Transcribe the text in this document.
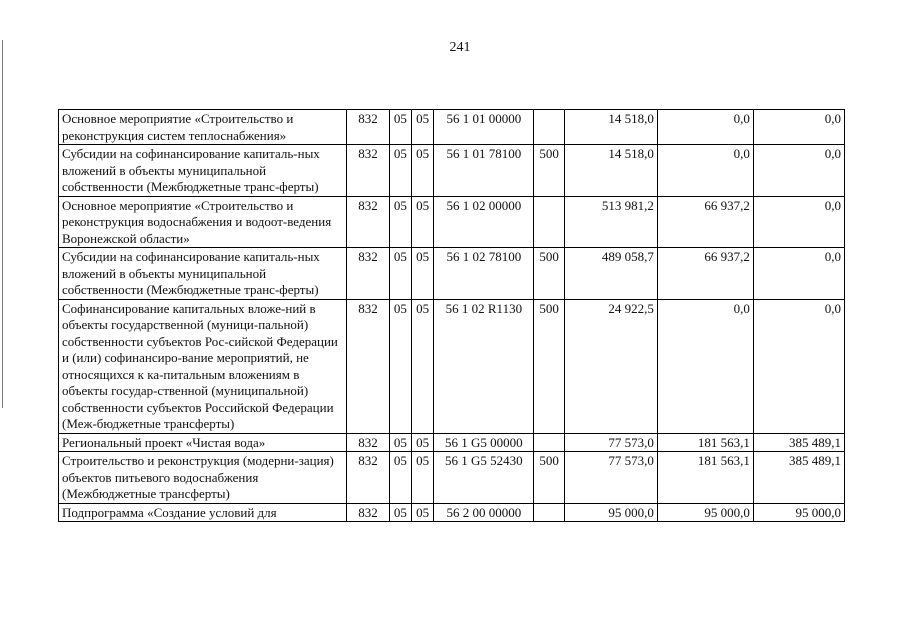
241
Основное мероприятие «Строительство и реконструкция систем теплоснабжения»	832	05	05	56 1 01 00000		14 518,0	0,0	0,0
Субсидии на софинансирование капиталь-ных вложений в объекты муниципальной собственности (Межбюджетные транс-ферты)	832	05	05	56 1 01 78100	500	14 518,0	0,0	0,0
Основное мероприятие «Строительство и реконструкция водоснабжения и водоот-ведения Воронежской области»	832	05	05	56 1 02 00000		513 981,2	66 937,2	0,0
Субсидии на софинансирование капиталь-ных вложений в объекты муниципальной собственности (Межбюджетные транс-ферты)	832	05	05	56 1 02 78100	500	489 058,7	66 937,2	0,0
Софинансирование капитальных вложе-ний в объекты государственной (муници-пальной) собственности субъектов Рос-сийской Федерации и (или) софинансиро-вание мероприятий, не относящихся к ка-питальным вложениям в объекты государ-ственной (муниципальной) собственности субъектов Российской Федерации (Меж-бюджетные трансферты)	832	05	05	56 1 02 R1130	500	24 922,5	0,0	0,0
Региональный проект «Чистая вода»	832	05	05	56 1 G5 00000		77 573,0	181 563,1	385 489,1
Строительство и реконструкция (модерни-зация) объектов питьевого водоснабжения (Межбюджетные трансферты)	832	05	05	56 1 G5 52430	500	77 573,0	181 563,1	385 489,1
Подпрограмма «Создание условий для	832	05	05	56 2 00 00000		95 000,0	95 000,0	95 000,0
